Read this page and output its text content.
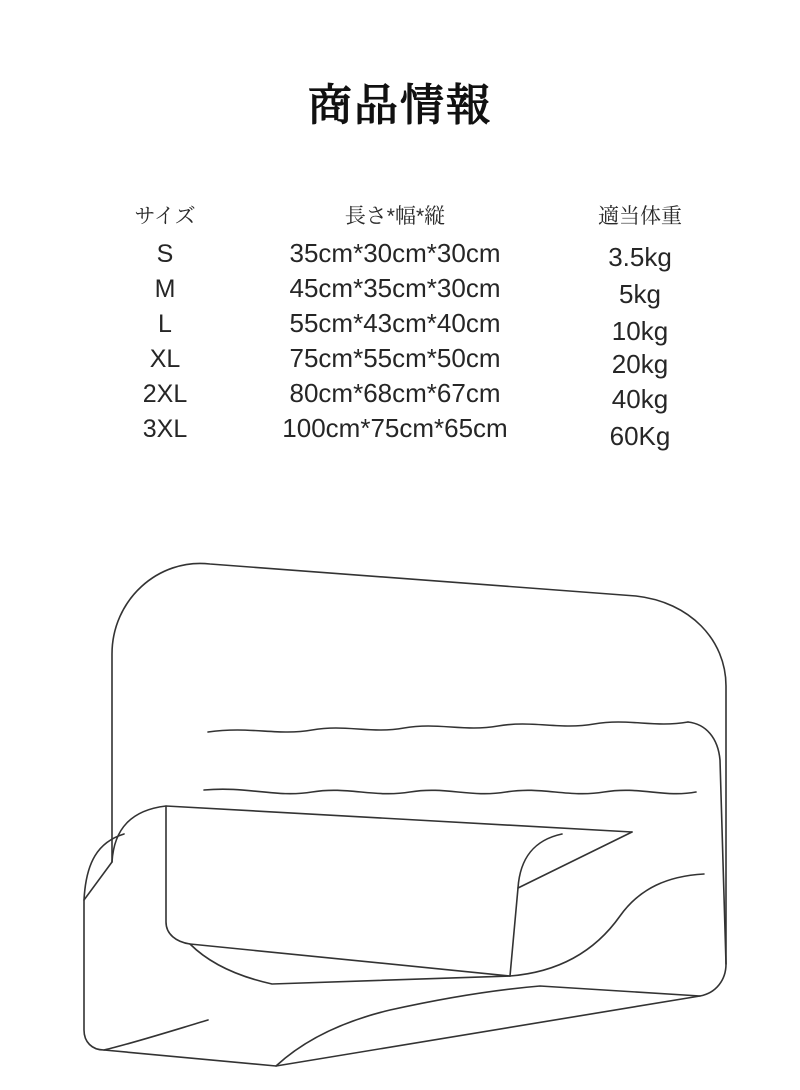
商品情報
サイズ	長さ*幅*縦	適当体重
S	35cm*30cm*30cm	3.5kg
M	45cm*35cm*30cm	5kg
L	55cm*43cm*40cm	10kg
XL	75cm*55cm*50cm	20kg
2XL	80cm*68cm*67cm	40kg
3XL	100cm*75cm*65cm	60Kg
